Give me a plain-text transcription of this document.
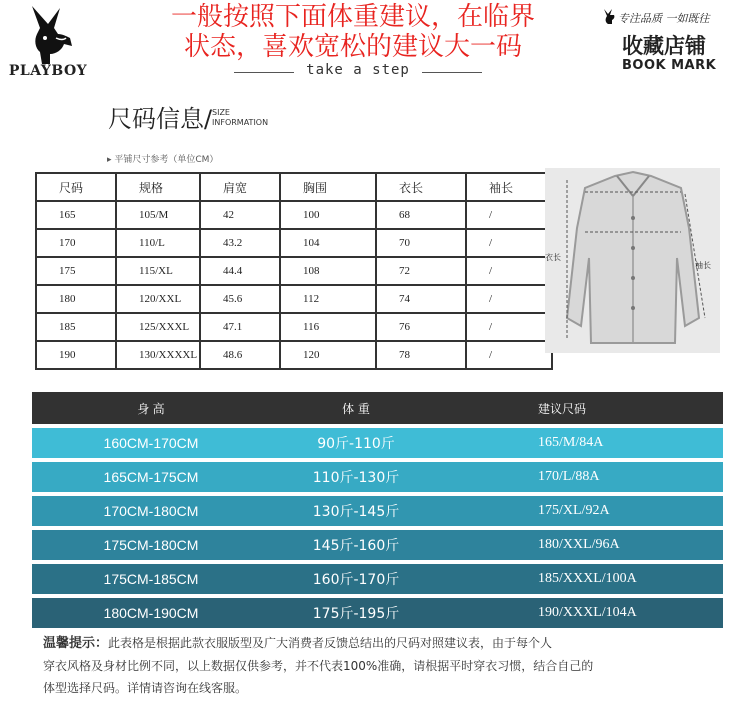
PLAYBOY
一般按照下面体重建议，在临界
状态，喜欢宽松的建议大一码
take a step
专注品质 一如既往
收藏店铺
BOOK MARK
尺码信息/ SIZE
INFORMATION
▸ 平铺尺寸参考（单位CM）
尺码	规格	肩宽	胸围	衣长	袖长
165	105/M	42	100	68	/
170	110/L	43.2	104	70	/
175	115/XL	44.4	108	72	/
180	120/XXL	45.6	112	74	/
185	125/XXXL	47.1	116	76	/
190	130/XXXXL	48.6	120	78	/
衣长
袖长
身 高	体 重	建议尺码
160CM-170CM	90斤-110斤	165/M/84A
165CM-175CM	110斤-130斤	170/L/88A
170CM-180CM	130斤-145斤	175/XL/92A
175CM-180CM	145斤-160斤	180/XXL/96A
175CM-185CM	160斤-170斤	185/XXXL/100A
180CM-190CM	175斤-195斤	190/XXXL/104A
温馨提示：此表格是根据此款衣服版型及广大消费者反馈总结出的尺码对照建议表，由于每个人
穿衣风格及身材比例不同，以上数据仅供参考，并不代表100%准确，请根据平时穿衣习惯，结合自己的
体型选择尺码。详情请咨询在线客服。
